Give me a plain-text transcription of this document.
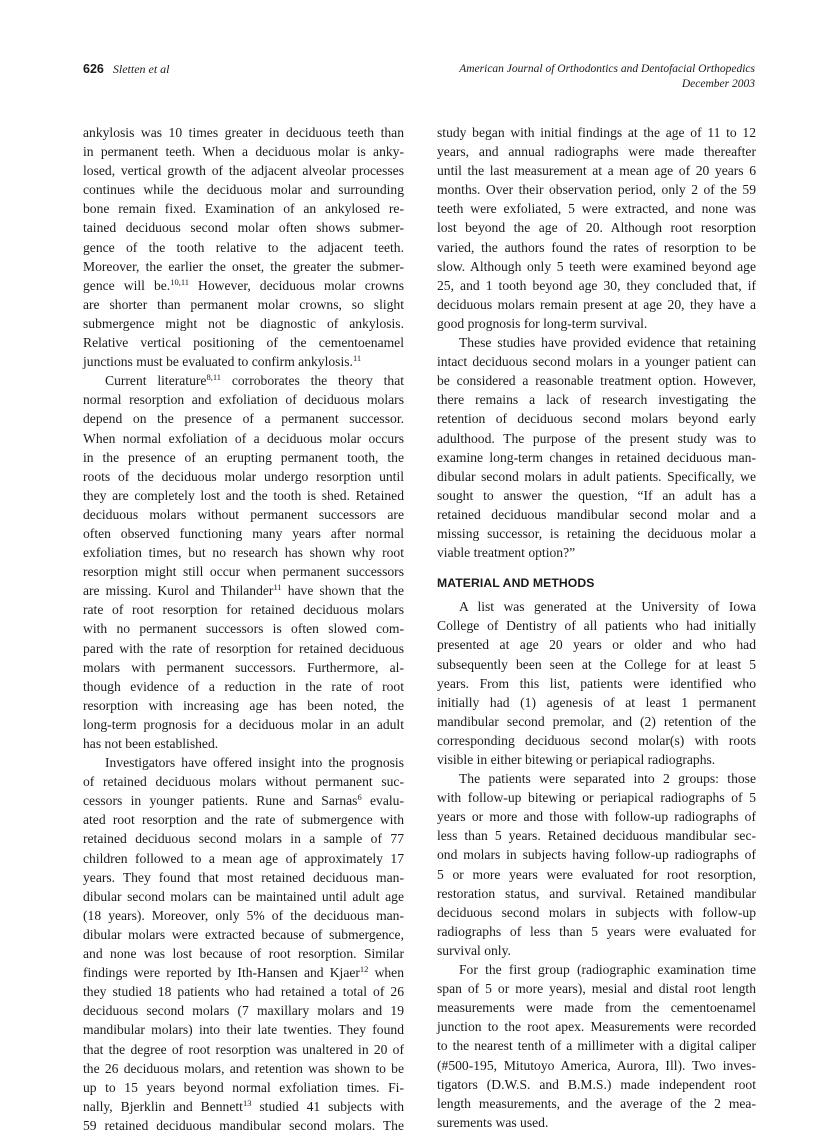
626 Sletten et al	American Journal of Orthodontics and Dentofacial Orthopedics
December 2003
ankylosis was 10 times greater in deciduous teeth than
in permanent teeth. When a deciduous molar is anky-
losed, vertical growth of the adjacent alveolar processes
continues while the deciduous molar and surrounding
bone remain fixed. Examination of an ankylosed re-
tained deciduous second molar often shows submer-
gence of the tooth relative to the adjacent teeth.
Moreover, the earlier the onset, the greater the submer-
gence will be.$^{10,11}$ However, deciduous molar crowns
are shorter than permanent molar crowns, so slight
submergence might not be diagnostic of ankylosis.
Relative vertical positioning of the cementoenamel
junctions must be evaluated to confirm ankylosis.$^{11}$
Current literature$^{8,11}$ corroborates the theory that
normal resorption and exfoliation of deciduous molars
depend on the presence of a permanent successor.
When normal exfoliation of a deciduous molar occurs
in the presence of an erupting permanent tooth, the
roots of the deciduous molar undergo resorption until
they are completely lost and the tooth is shed. Retained
deciduous molars without permanent successors are
often observed functioning many years after normal
exfoliation times, but no research has shown why root
resorption might still occur when permanent successors
are missing. Kurol and Thilander$^{11}$ have shown that the
rate of root resorption for retained deciduous molars
with no permanent successors is often slowed com-
pared with the rate of resorption for retained deciduous
molars with permanent successors. Furthermore, al-
though evidence of a reduction in the rate of root
resorption with increasing age has been noted, the
long-term prognosis for a deciduous molar in an adult
has not been established.
Investigators have offered insight into the prognosis
of retained deciduous molars without permanent suc-
cessors in younger patients. Rune and Sarnas$^6$ evalu-
ated root resorption and the rate of submergence with
retained deciduous second molars in a sample of 77
children followed to a mean age of approximately 17
years. They found that most retained deciduous man-
dibular second molars can be maintained until adult age
(18 years). Moreover, only 5% of the deciduous man-
dibular molars were extracted because of submergence,
and none was lost because of root resorption. Similar
findings were reported by Ith-Hansen and Kjaer$^{12}$ when
they studied 18 patients who had retained a total of 26
deciduous second molars (7 maxillary molars and 19
mandibular molars) into their late twenties. They found
that the degree of root resorption was unaltered in 20 of
the 26 deciduous molars, and retention was shown to be
up to 15 years beyond normal exfoliation times. Fi-
nally, Bjerklin and Bennett$^{13}$ studied 41 subjects with
59 retained deciduous mandibular second molars. The
study began with initial findings at the age of 11 to 12
years, and annual radiographs were made thereafter
until the last measurement at a mean age of 20 years 6
months. Over their observation period, only 2 of the 59
teeth were exfoliated, 5 were extracted, and none was
lost beyond the age of 20. Although root resorption
varied, the authors found the rates of resorption to be
slow. Although only 5 teeth were examined beyond age
25, and 1 tooth beyond age 30, they concluded that, if
deciduous molars remain present at age 20, they have a
good prognosis for long-term survival.
These studies have provided evidence that retaining
intact deciduous second molars in a younger patient can
be considered a reasonable treatment option. However,
there remains a lack of research investigating the
retention of deciduous second molars beyond early
adulthood. The purpose of the present study was to
examine long-term changes in retained deciduous man-
dibular second molars in adult patients. Specifically, we
sought to answer the question, “If an adult has a
retained deciduous mandibular second molar and a
missing successor, is retaining the deciduous molar a
viable treatment option?”
MATERIAL AND METHODS
A list was generated at the University of Iowa
College of Dentistry of all patients who had initially
presented at age 20 years or older and who had
subsequently been seen at the College for at least 5
years. From this list, patients were identified who
initially had (1) agenesis of at least 1 permanent
mandibular second premolar, and (2) retention of the
corresponding deciduous second molar(s) with roots
visible in either bitewing or periapical radiographs.
The patients were separated into 2 groups: those
with follow-up bitewing or periapical radiographs of 5
years or more and those with follow-up radiographs of
less than 5 years. Retained deciduous mandibular sec-
ond molars in subjects having follow-up radiographs of
5 or more years were evaluated for root resorption,
restoration status, and survival. Retained mandibular
deciduous second molars in subjects with follow-up
radiographs of less than 5 years were evaluated for
survival only.
For the first group (radiographic examination time
span of 5 or more years), mesial and distal root length
measurements were made from the cementoenamel
junction to the root apex. Measurements were recorded
to the nearest tenth of a millimeter with a digital caliper
(#500-195, Mitutoyo America, Aurora, Ill). Two inves-
tigators (D.W.S. and B.M.S.) made independent root
length measurements, and the average of the 2 mea-
surements was used.
